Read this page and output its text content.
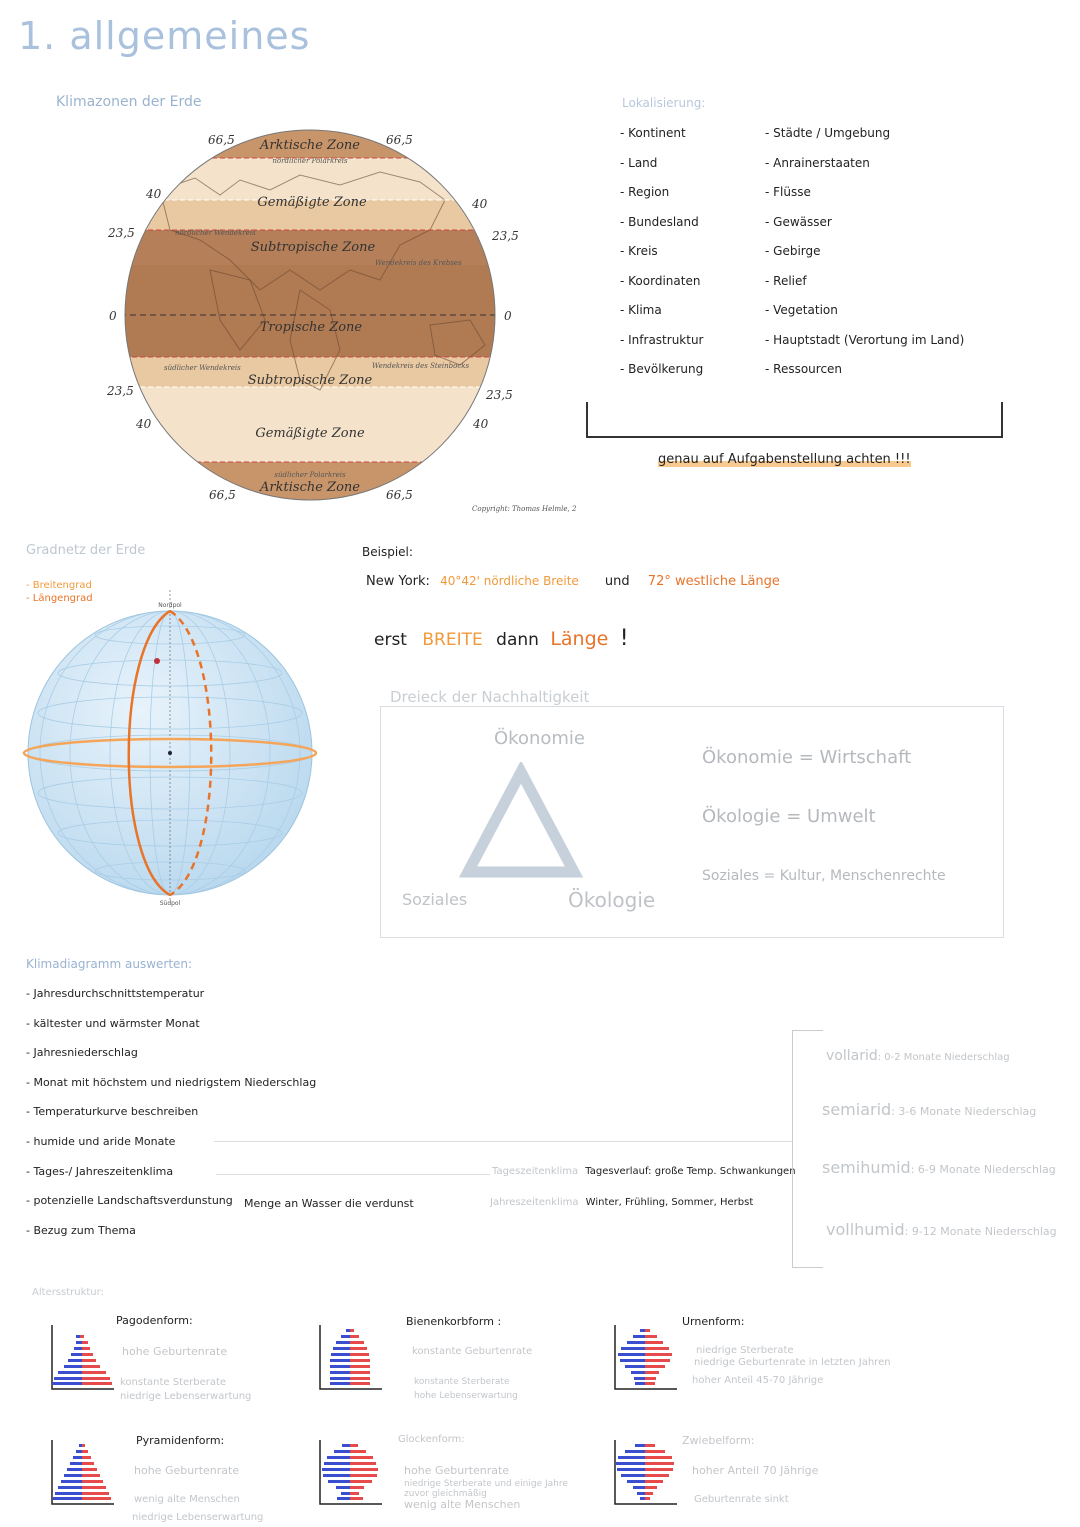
1. allgemeines
Klimazonen der Erde
Arktische Zone
nördlicher Polarkreis
Gemäßigte Zone
Subtropische Zone
nördlicher Wendekreis
Wendekreis des Krebses
Tropische Zone
südlicher Wendekreis	Wendekreis des Steinbocks
Subtropische Zone
Gemäßigte Zone
südlicher Polarkreis
Arktische Zone
66,5	66,5
40
40
23,5	23,5
0	0
23,5	23,5
40	40
66,5	66,5
Copyright: Thomas Helmle, 2
Lokalisierung:
- Kontinent
- Land
- Region
- Bundesland
- Kreis
- Koordinaten
- Klima
- Infrastruktur
- Bevölkerung
- Städte / Umgebung
- Anrainerstaaten
- Flüsse
- Gewässer
- Gebirge
- Relief
- Vegetation
- Hauptstadt (Verortung im Land)
- Ressourcen
genau auf Aufgabenstellung achten !!!
Gradnetz der Erde
- Breitengrad
- Längengrad
Nordpol
Südpol
Beispiel:
New York: 40°42' nördliche Breite und 72° westliche Länge
erst BREITE dann Länge !
Dreieck der Nachhaltigkeit
Ökonomie
Soziales	Ökologie
Ökonomie = Wirtschaft
Ökologie = Umwelt
Soziales = Kultur, Menschenrechte
Klimadiagramm auswerten:
- Jahresdurchschnittstemperatur
- kältester und wärmster Monat
- Jahresniederschlag
- Monat mit höchstem und niedrigstem Niederschlag
- Temperaturkurve beschreiben
- humide und aride Monate
- Tages-/ Jahreszeitenklima
- potenzielle Landschaftsverdunstung
- Bezug zum Thema
Menge an Wasser die verdunst
Tageszeitenklima Tagesverlauf: große Temp. Schwankungen
Jahreszeitenklima Winter, Frühling, Sommer, Herbst
vollarid: 0-2 Monate Niederschlag
semiarid: 3-6 Monate Niederschlag
semihumid: 6-9 Monate Niederschlag
vollhumid: 9-12 Monate Niederschlag
Altersstruktur:
Pagodenform:
hohe Geburtenrate
konstante Sterberate
niedrige Lebenserwartung
Bienenkorbform :
konstante Geburtenrate
konstante Sterberate
hohe Lebenserwartung
Urnenform:
niedrige Sterberate
niedrige Geburtenrate in letzten Jahren
hoher Anteil 45-70 Jährige
Pyramidenform:
hohe Geburtenrate
wenig alte Menschen
niedrige Lebenserwartung
Glockenform:
hohe Geburtenrate
niedrige Sterberate und einige Jahre zuvor gleichmäßig
wenig alte Menschen
Zwiebelform:
hoher Anteil 70 Jährige
Geburtenrate sinkt
